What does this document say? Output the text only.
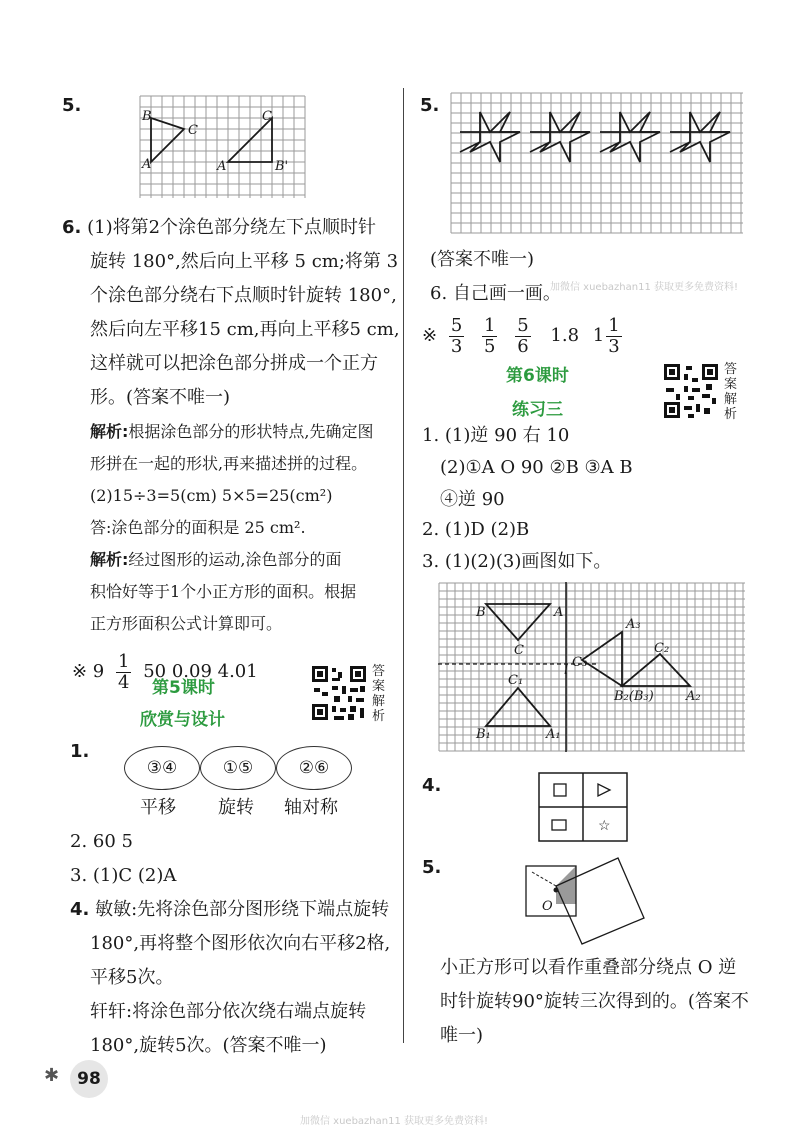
5.
B
C
A
C
A	B'
6. (1)将第2个涂色部分绕左下点顺时针
旋转 180°,然后向上平移 5 cm;将第 3
个涂色部分绕右下点顺时针旋转 180°,
然后向左平移15 cm,再向上平移5 cm,
这样就可以把涂色部分拼成一个正方
形。(答案不唯一)
解析:根据涂色部分的形状特点,先确定图
形拼在一起的形状,再来描述拼的过程。
(2)15÷3=5(cm) 5×5=25(cm²)
答:涂色部分的面积是 25 cm².
解析:经过图形的运动,涂色部分的面
积恰好等于1个小正方形的面积。根据
正方形面积公式计算即可。
※ $9 \frac{1}{4} 50$ 0.09 4.01
第5课时
欣赏与设计
答案解析
1.
③④	①⑤	②⑥
平移 旋转 轴对称
2. 60 5
3. (1)C (2)A
4. 敏敏:先将涂色部分图形绕下端点旋转
180°,再将整个图形依次向右平移2格,
平移5次。
轩轩:将涂色部分依次绕右端点旋转
180°,旋转5次。(答案不唯一)
✱	98
5.
(答案不唯一)
6. 自己画一画。
※ $\frac{5}{3}$
$\frac{1}{5}$
$\frac{5}{6} 1.8$ $1 \frac{1}{3}$
第6课时
练习三
答案解析
1. (1)逆 90 右 10
(2)①A O 90 ②B ③A B
④逆 90
2. (1)D (2)B
3. (1)(2)(3)画图如下。
B	A
C
A₃
C₃
l
C₂
C₁
B₂(B₃) A₂
B₁	A₁
4.
☆
5.
O
小正方形可以看作重叠部分绕点 O 逆
时针旋转90°旋转三次得到的。(答案不
唯一)
加微信 xuebazhan11 获取更多免费资料!
加微信 xuebazhan11 获取更多免费资料!
